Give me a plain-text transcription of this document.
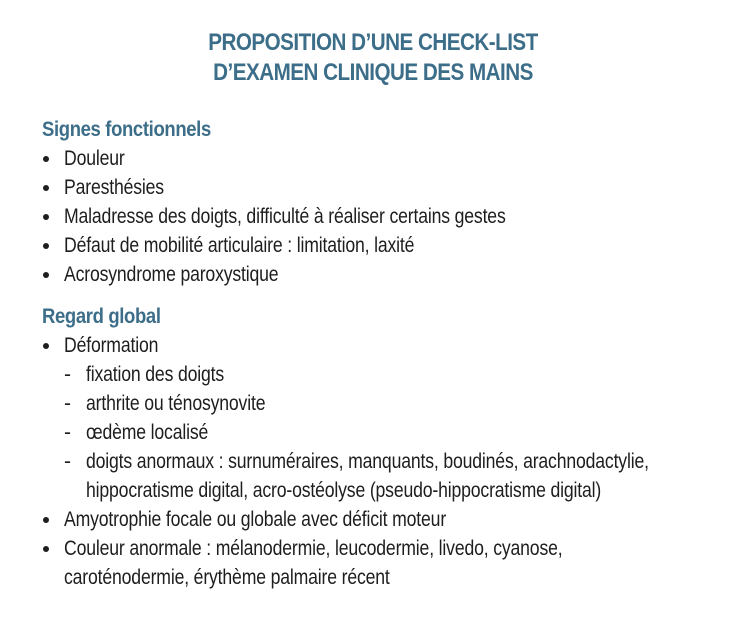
PROPOSITION D’UNE CHECK-LIST
D’EXAMEN CLINIQUE DES MAINS
Signes fonctionnels
Douleur
Paresthésies
Maladresse des doigts, difficulté à réaliser certains gestes
Défaut de mobilité articulaire : limitation, laxité
Acrosyndrome paroxystique
Regard global
Déformation
- fixation des doigts
- arthrite ou ténosynovite
- œdème localisé
- doigts anormaux : surnuméraires, manquants, boudinés, arachnodactylie, hippocratisme digital, acro-ostéolyse (pseudo-hippocratisme digital)
Amyotrophie focale ou globale avec déficit moteur
Couleur anormale : mélanodermie, leucodermie, livedo, cyanose, caroténodermie, érythème palmaire récent
